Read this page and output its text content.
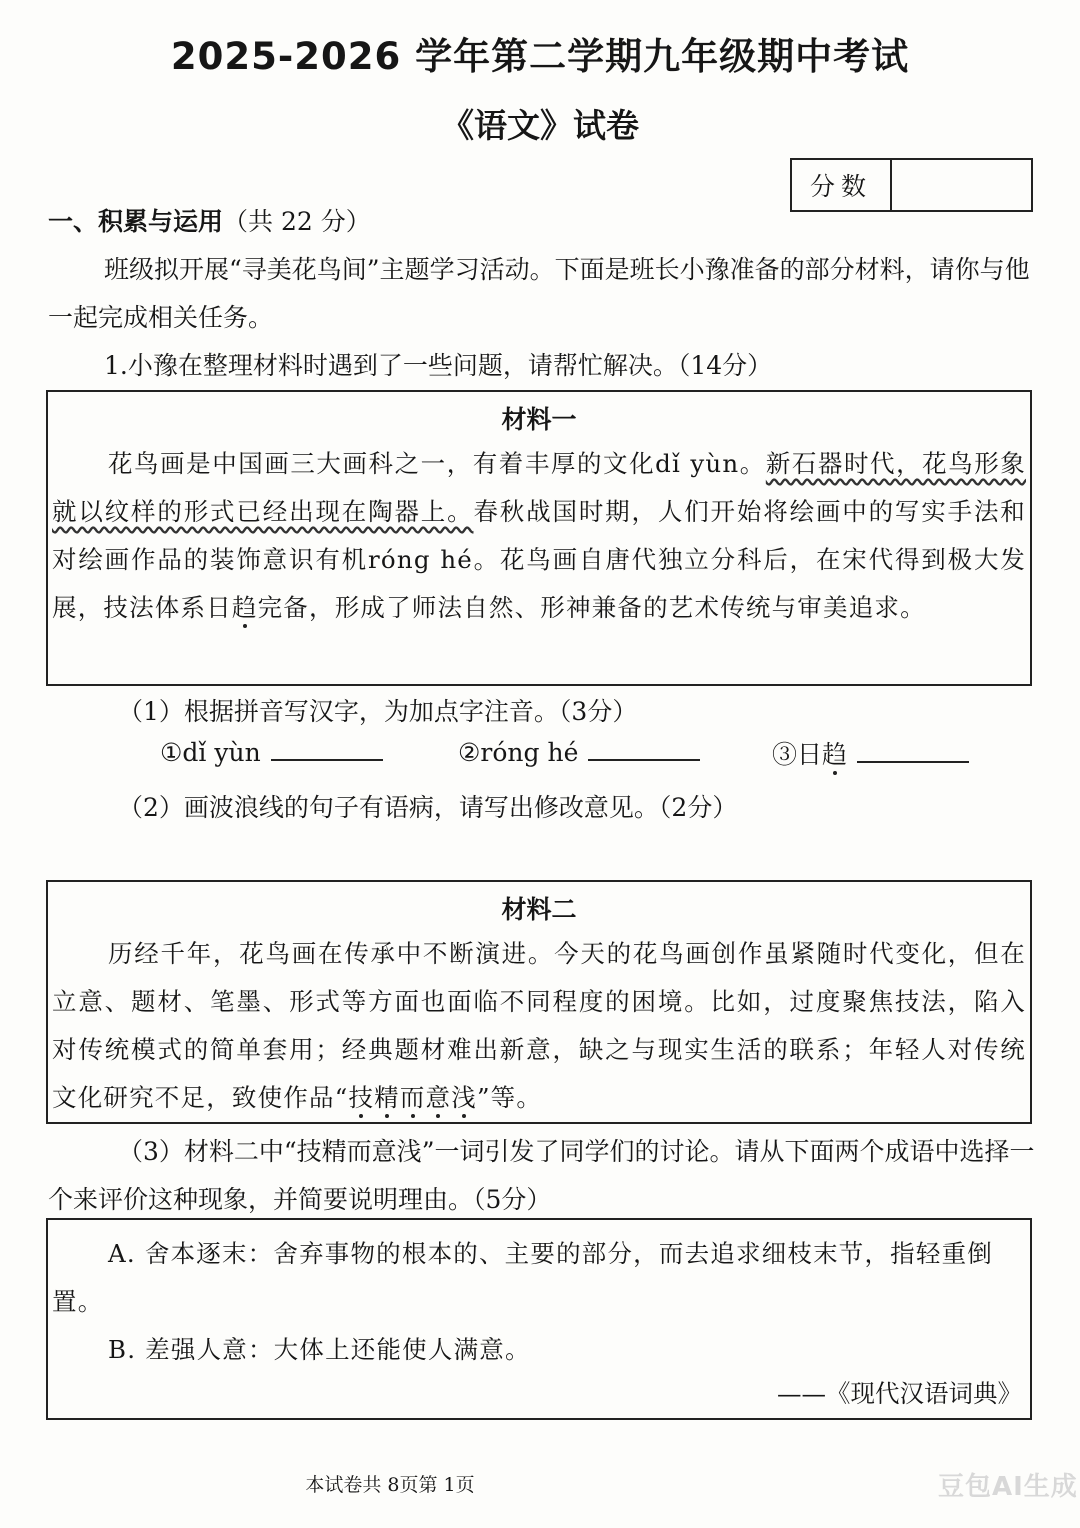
2025-2026 学年第二学期九年级期中考试
《语文》试卷
分数
一、积累与运用（共 22 分）
班级拟开展“寻美花鸟间”主题学习活动。下面是班长小豫准备的部分材料，请你与他一起完成相关任务。
1.小豫在整理材料时遇到了一些问题，请帮忙解决。（14分）
材料一
花鸟画是中国画三大画科之一，有着丰厚的文化dǐ yùn。新石器时代，花鸟形象就以纹样的形式已经出现在陶器上。春秋战国时期，人们开始将绘画中的写实手法和对绘画作品的装饰意识有机róng hé。花鸟画自唐代独立分科后，在宋代得到极大发展，技法体系日趋完备，形成了师法自然、形神兼备的艺术传统与审美追求。
（1）根据拼音写汉字，为加点字注音。（3分）
①dǐ yùn	②róng hé	③日趋
（2）画波浪线的句子有语病，请写出修改意见。（2分）
材料二
历经千年，花鸟画在传承中不断演进。今天的花鸟画创作虽紧随时代变化，但在立意、题材、笔墨、形式等方面也面临不同程度的困境。比如，过度聚焦技法，陷入对传统模式的简单套用；经典题材难出新意，缺之与现实生活的联系；年轻人对传统文化研究不足，致使作品“技精而意浅”等。
（3）材料二中“技精而意浅”一词引发了同学们的讨论。请从下面两个成语中选择一个来评价这种现象，并简要说明理由。（5分）
A. 舍本逐末：舍弃事物的根本的、主要的部分，而去追求细枝末节，指轻重倒置。
B. 差强人意：大体上还能使人满意。
——《现代汉语词典》
本试卷共 8页第 1页	豆包AI生成
